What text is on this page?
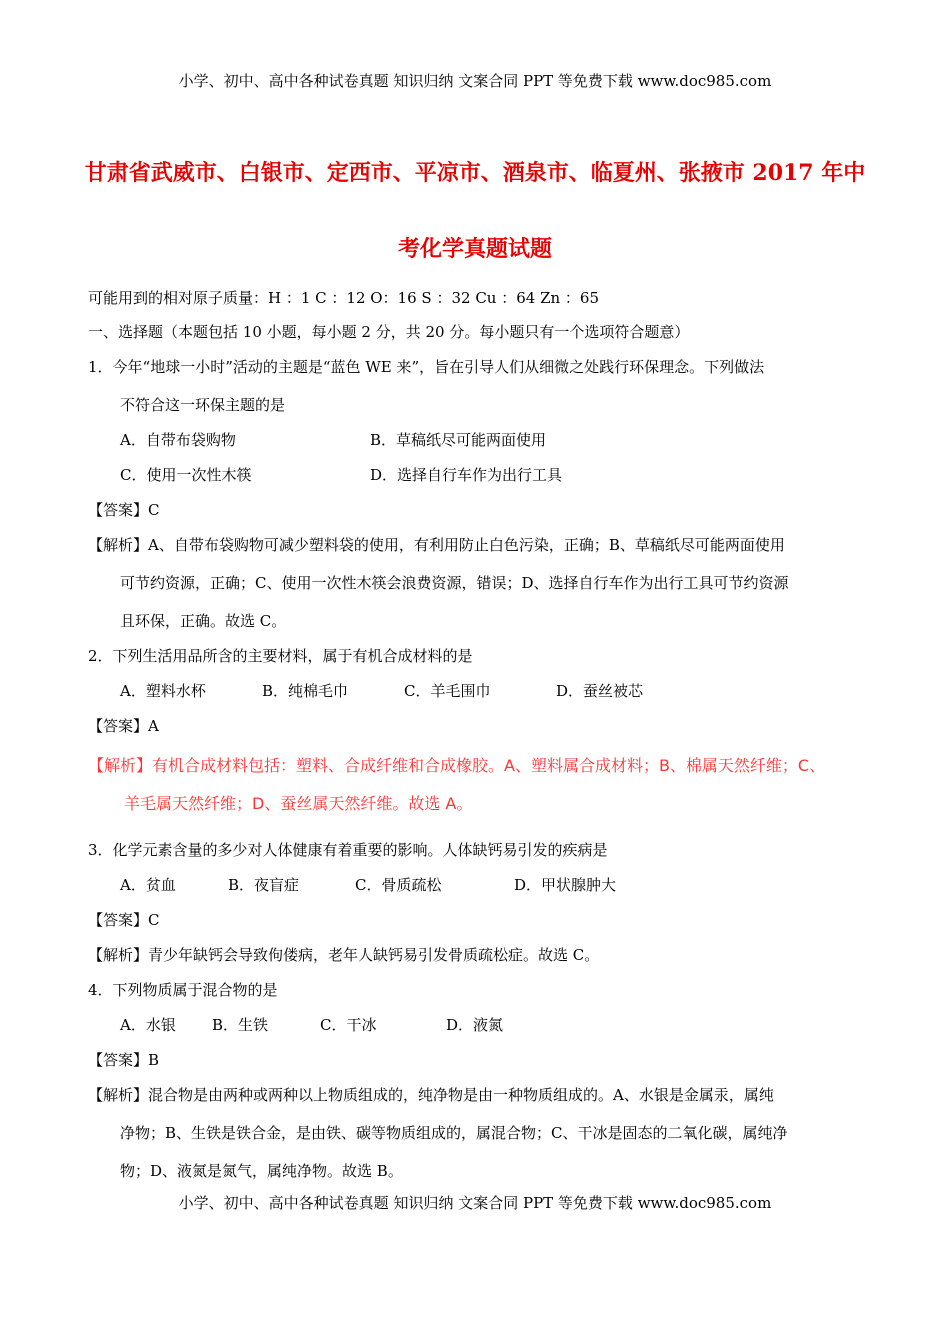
小学、初中、高中各种试卷真题 知识归纳 文案合同 PPT 等免费下载 www.doc985.com
甘肃省武威市、白银市、定西市、平凉市、酒泉市、临夏州、张掖市 2017 年中
考化学真题试题
可能用到的相对原子质量：H ：1 C ：12 O：16 S ：32 Cu ：64 Zn ：65
一、选择题（本题包括 10 小题，每小题 2 分，共 20 分。每小题只有一个选项符合题意）
1．今年“地球一小时”活动的主题是“蓝色 WE 来”，旨在引导人们从细微之处践行环保理念。下列做法
不符合这一环保主题的是
A．自带布袋购物	B．草稿纸尽可能两面使用
C．使用一次性木筷	D．选择自行车作为出行工具
【答案】C
【解析】A、自带布袋购物可减少塑料袋的使用，有利用防止白色污染，正确；B、草稿纸尽可能两面使用
可节约资源，正确；C、使用一次性木筷会浪费资源，错误；D、选择自行车作为出行工具可节约资源
且环保，正确。故选 C。
2．下列生活用品所含的主要材料，属于有机合成材料的是
A．塑料水杯	B．纯棉毛巾	C．羊毛围巾	D．蚕丝被芯
【答案】A
【解析】有机合成材料包括：塑料、合成纤维和合成橡胶。A、塑料属合成材料；B、棉属天然纤维；C、
羊毛属天然纤维；D、蚕丝属天然纤维。故选 A。
3．化学元素含量的多少对人体健康有着重要的影响。人体缺钙易引发的疾病是
A．贫血	B．夜盲症	C．骨质疏松	D．甲状腺肿大
【答案】C
【解析】青少年缺钙会导致佝偻病，老年人缺钙易引发骨质疏松症。故选 C。
4．下列物质属于混合物的是
A．水银 B．生铁	C．干冰	D．液氮
【答案】B
【解析】混合物是由两种或两种以上物质组成的，纯净物是由一种物质组成的。A、水银是金属汞，属纯
净物；B、生铁是铁合金，是由铁、碳等物质组成的，属混合物；C、干冰是固态的二氧化碳，属纯净
物；D、液氮是氮气，属纯净物。故选 B。
小学、初中、高中各种试卷真题 知识归纳 文案合同 PPT 等免费下载 www.doc985.com
